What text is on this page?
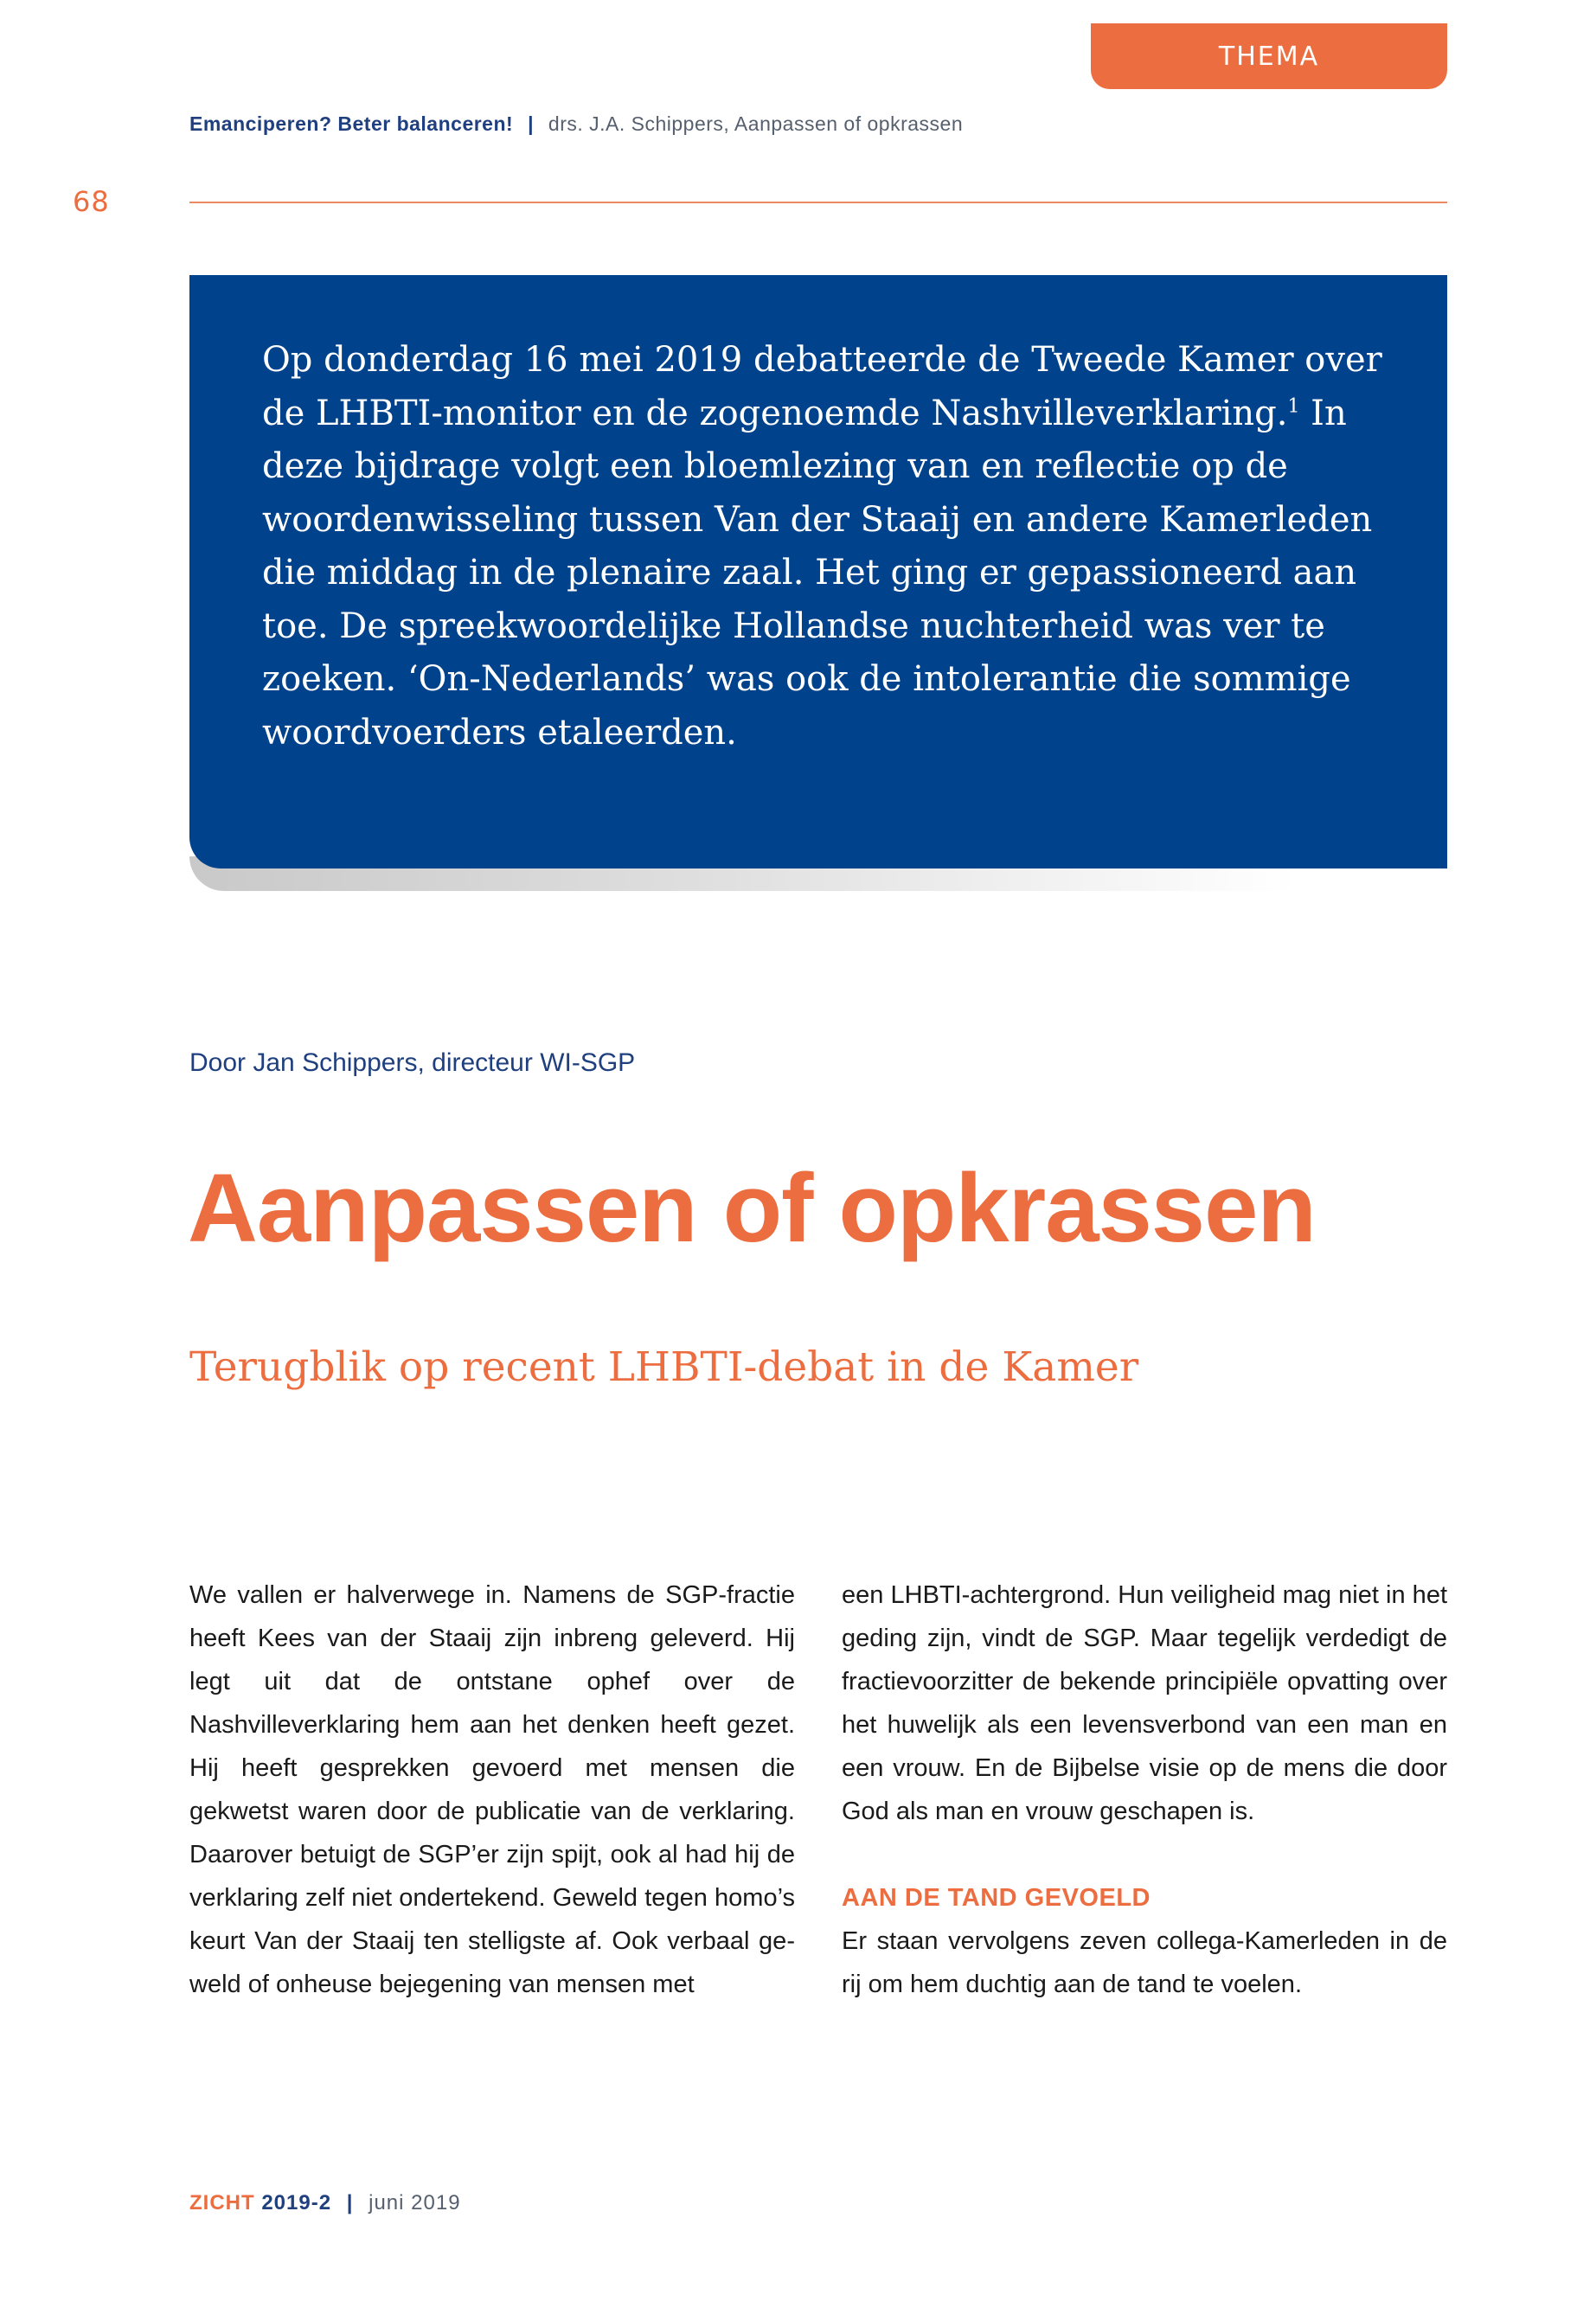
THEMA
Emanciperen? Beter balanceren! | drs. J.A. Schippers, Aanpassen of opkrassen
68

Op donderdag 16 mei 2019 debatteerde de Tweede Kamer over de LHBTI-monitor en de zogenoemde Nashvilleverklaring.$^1$ In deze bijdrage volgt een bloemlezing van en reflectie op de woordenwisseling tussen Van der Staaij en andere Kamerleden die middag in de plenaire zaal. Het ging er gepassioneerd aan toe. De spreekwoordelijke Hollandse nuchterheid was ver te zoeken. ‘On-Nederlands’ was ook de intolerantie die sommige woordvoerders etaleerden.

Door Jan Schippers, directeur WI-SGP
Aanpassen of opkrassen
Terugblik op recent LHBTI-debat in de Kamer

We vallen er halverwege in. Namens de SGP-fractie heeft Kees van der Staaij zijn inbreng geleverd. Hij legt uit dat de ontstane ophef over de Nashvilleverklaring hem aan het denken heeft gezet. Hij heeft gesprekken gevoerd met mensen die gekwetst waren door de publicatie van de verklaring. Daarover betuigt de SGP’er zijn spijt, ook al had hij de verklaring zelf niet ondertekend. Geweld tegen homo’s keurt Van der Staaij ten stelligste af. Ook verbaal geweld of onheuse bejegening van mensen met

een LHBTI-achtergrond. Hun veiligheid mag niet in het geding zijn, vindt de SGP. Maar tegelijk verdedigt de fractievoorzitter de bekende principiële opvatting over het huwelijk als een levensverbond van een man en een vrouw. En de Bijbelse visie op de mens die door God als man en vrouw geschapen is.

AAN DE TAND GEVOELD

Er staan vervolgens zeven collega-Kamerleden in de rij om hem duchtig aan de tand te voelen.

ZICHT 2019-2 | juni 2019
